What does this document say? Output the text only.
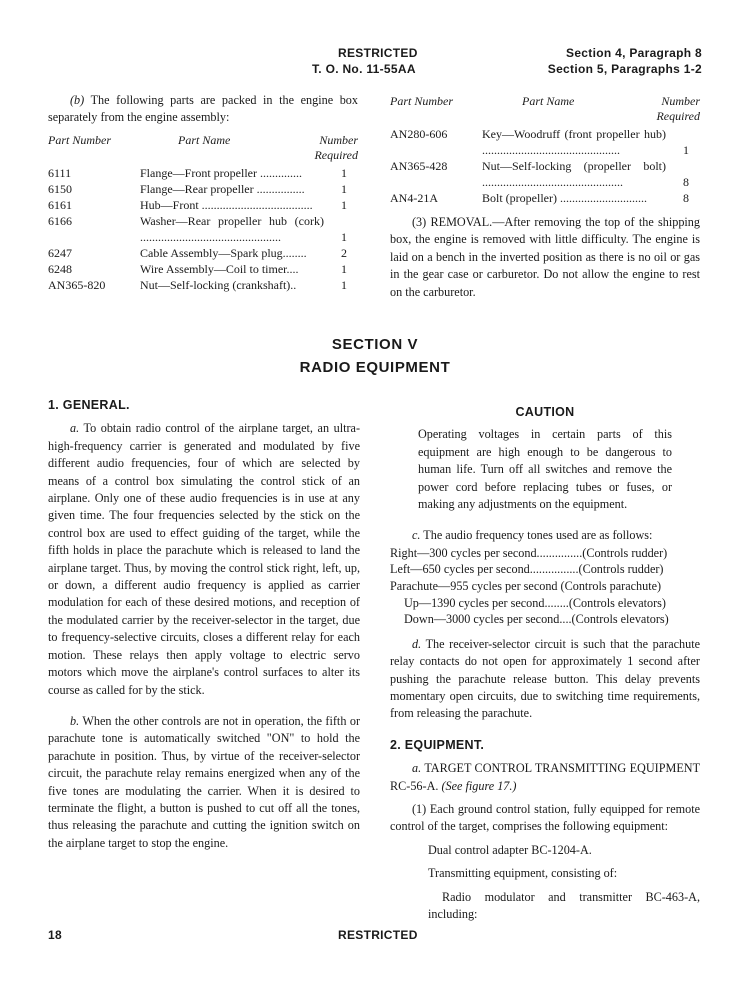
RESTRICTED
T. O. No. 11-55AA
Section 4, Paragraph 8
Section 5, Paragraphs 1-2

(b) The following parts are packed in the engine box separately from the engine assembly:

Part Number	Part Name	Number Required
6111	Flange—Front propeller ..............	1
6150	Flange—Rear propeller ................	1
6161	Hub—Front .....................................	1
6166	Washer—Rear propeller hub (cork) ...............................................	1
6247	Cable Assembly—Spark plug........	2
6248	Wire Assembly—Coil to timer....	1
AN365-820	Nut—Self-locking (crankshaft)..	1
Part Number	Part Name	Number Required
AN280-606	Key—Woodruff (front propeller hub) ..............................................	1
AN365-428	Nut—Self-locking (propeller bolt) ...............................................	8
AN4-21A	Bolt (propeller) .............................	8

(3) REMOVAL.—After removing the top of the shipping box, the engine is removed with little difficulty. The engine is laid on a bench in the inverted position as there is no oil or gas in the gear case or carburetor. Do not allow the engine to rest on the carburetor.

SECTION V
RADIO EQUIPMENT
1. GENERAL.

a. To obtain radio control of the airplane target, an ultra-high-frequency carrier is generated and modulated by five different audio frequencies, four of which are selected by means of a control box simulating the control stick of an airplane. Only one of these audio frequencies is in use at any given time. The four frequencies selected by the stick on the control box are used to effect guiding of the target, while the fifth holds in place the parachute which is released to land the airplane target. Thus, by moving the control stick right, left, up, or down, a different audio frequency is applied as carrier modulation for each of these desired motions, and reception of the modulated carrier by the receiver-selector in the target, due to frequency-selective circuits, closes a different relay for each motion. These relays then apply voltage to electric servo motors which move the airplane's control surfaces to alter its course as called for by the stick.

b. When the other controls are not in operation, the fifth or parachute tone is automatically switched "ON" to hold the parachute in position. Thus, by virtue of the receiver-selector circuit, the parachute relay remains energized when any of the five tones are modulating the carrier. When it is desired to terminate the flight, a button is pushed to cut off all the tones, thus releasing the parachute and cutting the ignition switch on the airplane target to stop the engine.

CAUTION

Operating voltages in certain parts of this equipment are high enough to be dangerous to human life. Turn off all switches and remove the power cord before replacing tubes or fuses, or making any adjustments on the equipment.

c. The audio frequency tones used are as follows:

Right—300 cycles per second...............(Controls rudder)
Left—650 cycles per second................(Controls rudder)
Parachute—955 cycles per second (Controls parachute)
Up—1390 cycles per second........(Controls elevators)
Down—3000 cycles per second....(Controls elevators)

d. The receiver-selector circuit is such that the parachute relay contacts do not open for approximately 1 second after pushing the parachute release button. This delay prevents momentary open circuits, due to switching time requirements, from releasing the parachute.

2. EQUIPMENT.

a. TARGET CONTROL TRANSMITTING EQUIPMENT RC-56-A. (See figure 17.)

(1) Each ground control station, fully equipped for remote control of the target, comprises the following equipment:

Dual control adapter BC-1204-A.

Transmitting equipment, consisting of:

Radio modulator and transmitter BC-463-A, including:

18	RESTRICTED
